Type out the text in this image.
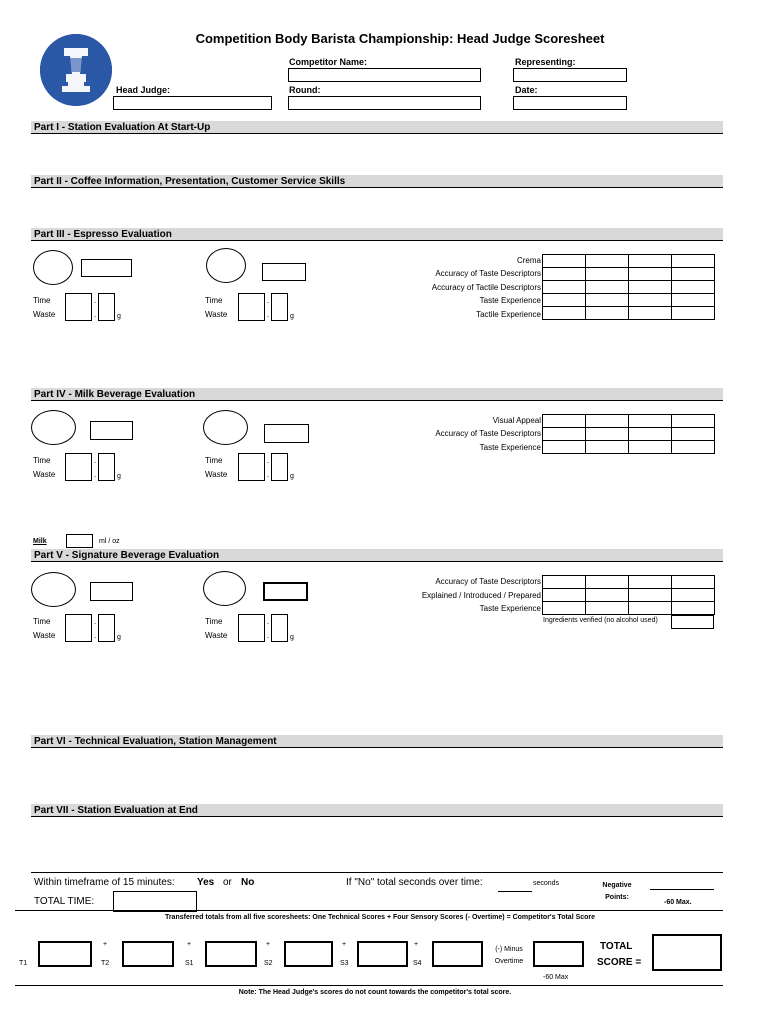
Competition Body Barista Championship: Head Judge Scoresheet
Competitor Name:	Representing:
Head Judge:	Round:	Date:
Part I - Station Evaluation At Start-Up
Part II - Coffee Information, Presentation, Customer Service Skills
Part III - Espresso Evaluation
Time
Waste
.
.	g
Time
Waste
.
.	g
Crema
Accuracy of Taste Descriptors
Accuracy of Tactile Descriptors
Taste Experience
Tactile Experience

Part IV - Milk Beverage Evaluation
Time
Waste
.
.	g
Time
Waste
.
.	g
Visual Appeal
Accuracy of Taste Descriptors
Taste Experience

Milk	ml / oz
Part V - Signature Beverage Evaluation
Time
Waste
.
.	g
Time
Waste
.
.	g
Accuracy of Taste Descriptors
Explained / Introduced / Prepared
Taste Experience

Ingredients verified (no alcohol used)
Part VI - Technical Evaluation, Station Management
Part VII - Station Evaluation at End
Within timeframe of 15 minutes: Yes or No	If "No" total seconds over time:	seconds	Negative Points:
-60 Max.
TOTAL TIME:
Transferred totals from all five scoresheets: One Technical Scores + Four Sensory Scores (- Overtime) = Competitor's Total Score
T1
+
T2
+
S1
+
S2
+
S3
+
S4
(-) Minus Overtime
-60 Max
TOTAL
SCORE =
Note: The Head Judge's scores do not count towards the competitor's total score.
